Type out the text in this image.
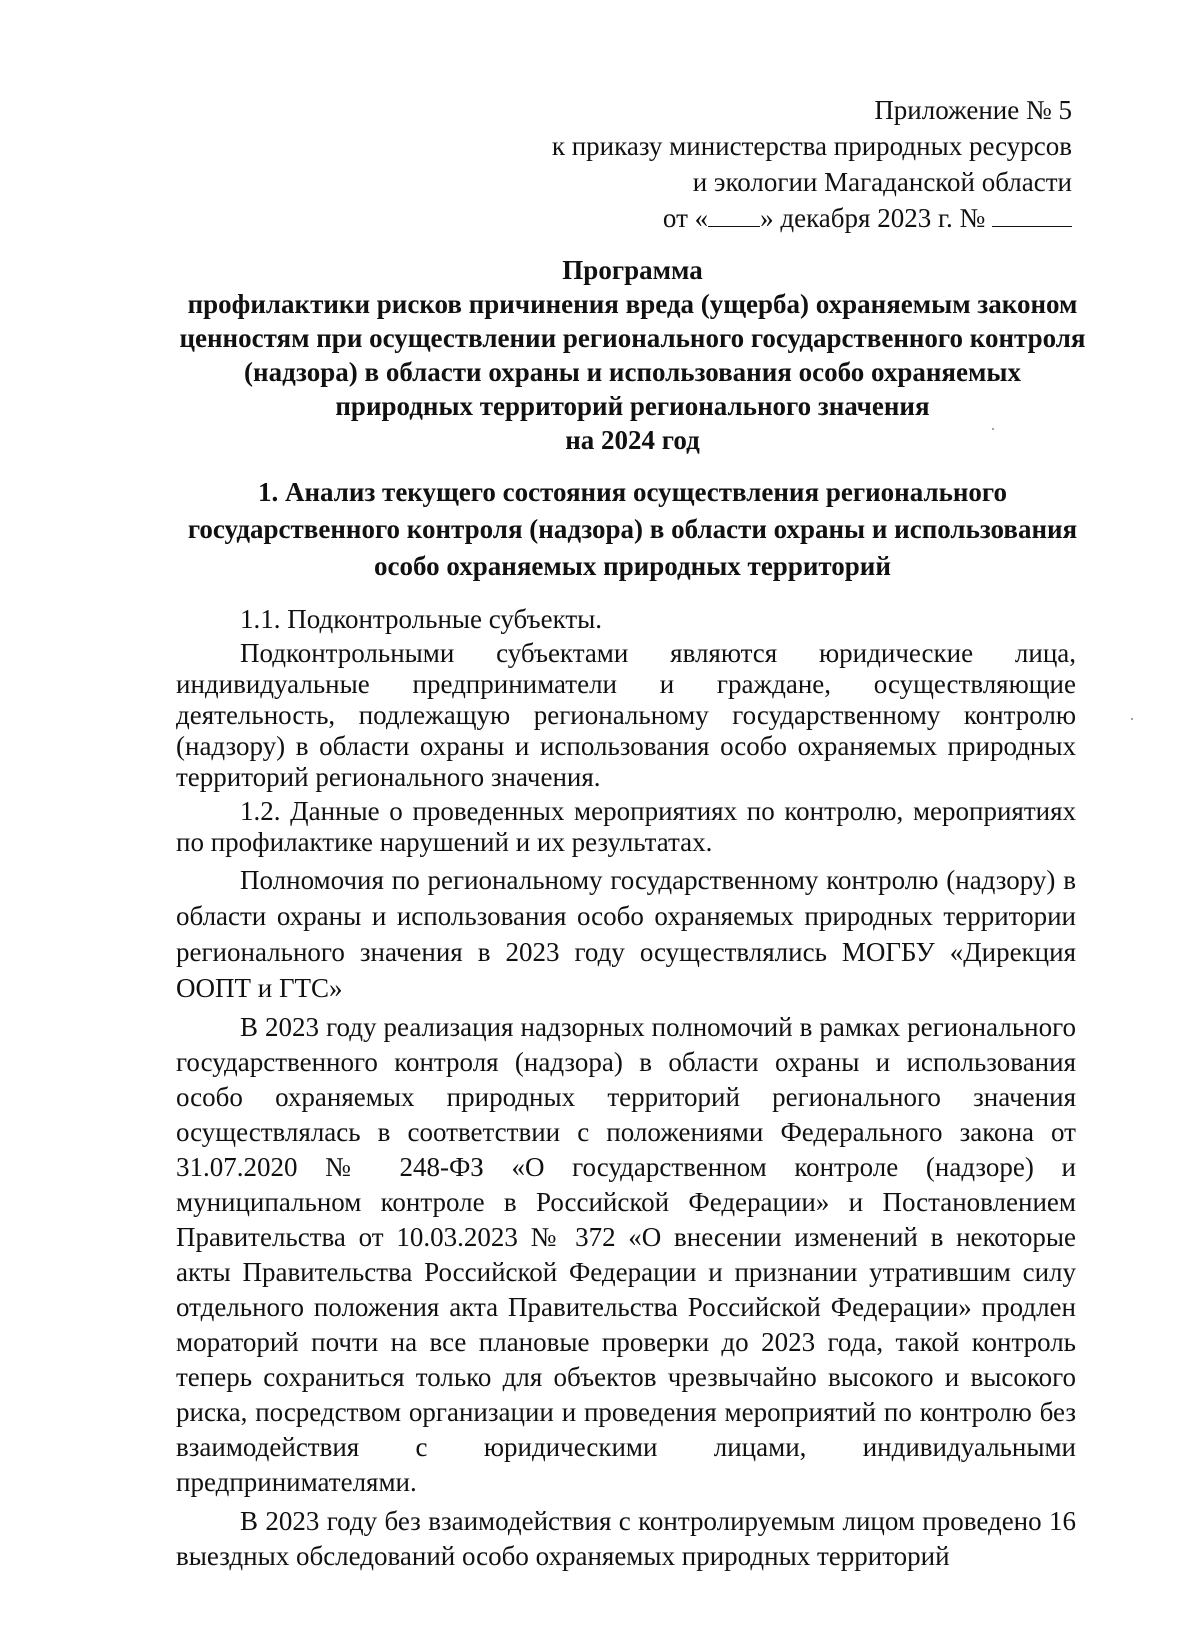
Приложение № 5
к приказу министерства природных ресурсов
и экологии Магаданской области
от « » декабря 2023 г. №
Программа
профилактики рисков причинения вреда (ущерба) охраняемым законом
ценностям при осуществлении регионального государственного контроля
(надзора) в области охраны и использования особо охраняемых
природных территорий регионального значения
на 2024 год
1. Анализ текущего состояния осуществления регионального
государственного контроля (надзора) в области охраны и использования
особо охраняемых природных территорий

1.1. Подконтрольные субъекты.

Подконтрольными субъектами являются юридические лица, индивидуальные предприниматели и граждане, осуществляющие деятельность, подлежащую региональному государственному контролю (надзору) в области охраны и использования особо охраняемых природных территорий регионального значения.

1.2. Данные о проведенных мероприятиях по контролю, мероприятиях по профилактике нарушений и их результатах.

Полномочия по региональному государственному контролю (надзору) в области охраны и использования особо охраняемых природных территории регионального значения в 2023 году осуществлялись МОГБУ «Дирекция ООПТ и ГТС»

В 2023 году реализация надзорных полномочий в рамках регионального государственного контроля (надзора) в области охраны и использования особо охраняемых природных территорий регионального значения осуществлялась в соответствии с положениями Федерального закона от 31.07.2020 № 248-ФЗ «О государственном контроле (надзоре) и муниципальном контроле в Российской Федерации» и Постановлением Правительства от 10.03.2023 № 372 «О внесении изменений в некоторые акты Правительства Российской Федерации и признании утратившим силу отдельного положения акта Правительства Российской Федерации» продлен мораторий почти на все плановые проверки до 2023 года, такой контроль теперь сохраниться только для объектов чрезвычайно высокого и высокого риска, посредством организации и проведения мероприятий по контролю без взаимодействия с юридическими лицами, индивидуальными предпринимателями.

В 2023 году без взаимодействия с контролируемым лицом проведено 16 выездных обследований особо охраняемых природных территорий
